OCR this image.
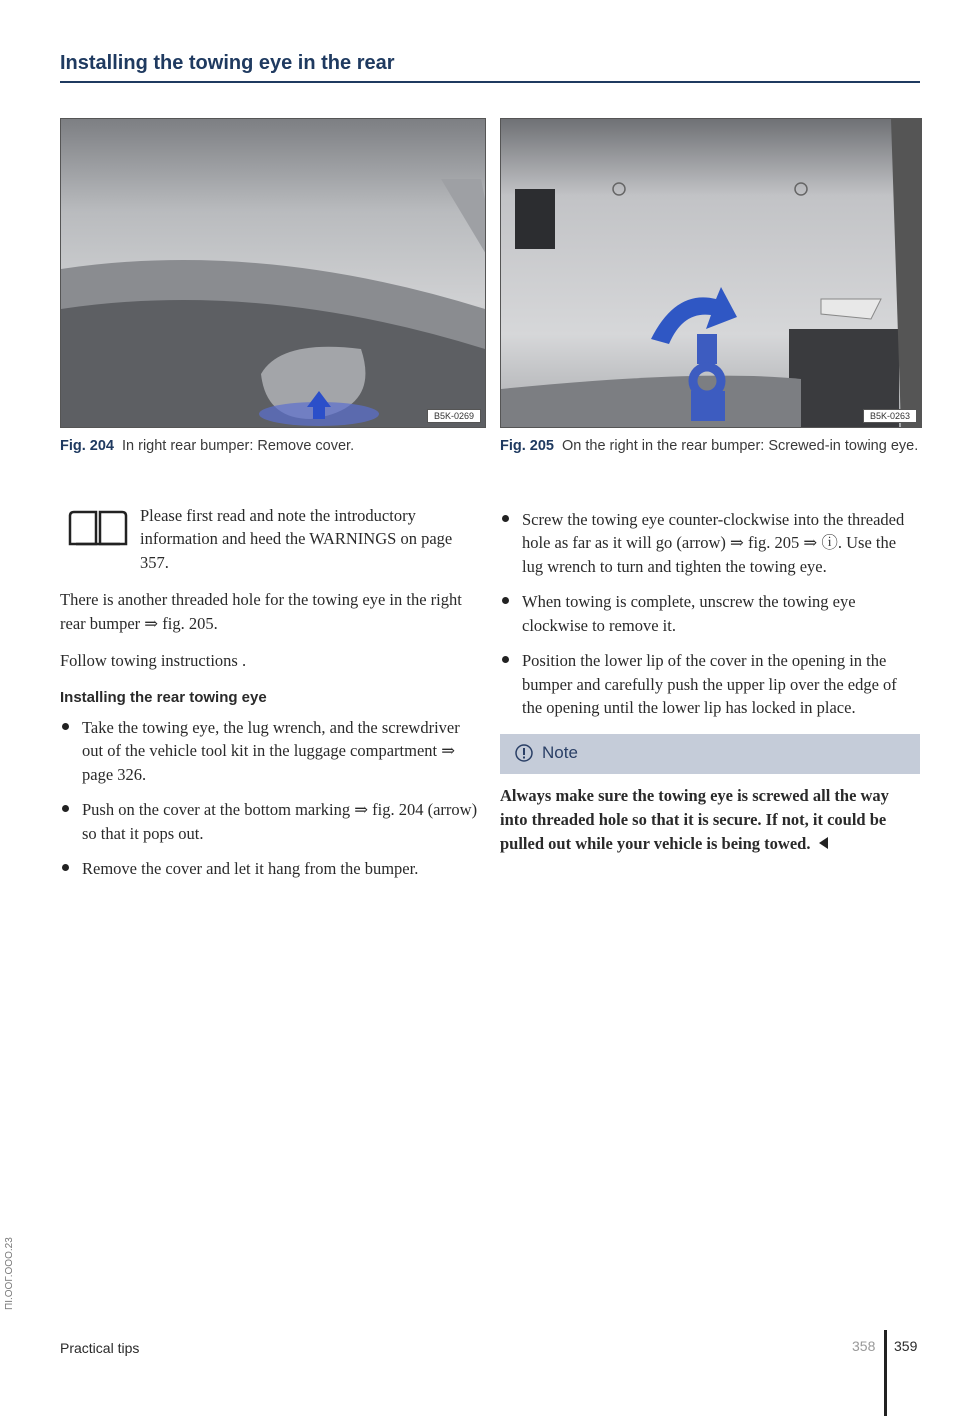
Installing the towing eye in the rear
B5K-0269
Fig. 204 In right rear bumper: Remove cover.
B5K-0263
Fig. 205 On the right in the rear bumper: Screwed-in towing eye.
Please first read and note the introductory information and heed the WARNINGS on page 357.

There is another threaded hole for the towing eye in the right rear bumper ⇒ fig. 205.

Follow towing instructions .

Installing the rear towing eye
Take the towing eye, the lug wrench, and the screwdriver out of the vehicle tool kit in the luggage compartment ⇒ page 326.
Push on the cover at the bottom marking ⇒ fig. 204 (arrow) so that it pops out.
Remove the cover and let it hang from the bumper.
Screw the towing eye counter-clockwise into the threaded hole as far as it will go (arrow) ⇒ fig. 205 ⇒ ⓘ. Use the lug wrench to turn and tighten the towing eye.
When towing is complete, unscrew the towing eye clockwise to remove it.
Position the lower lip of the cover in the opening in the bumper and carefully push the upper lip over the edge of the opening until the lower lip has locked in place.
Note
Always make sure the towing eye is screwed all the way into threaded hole so that it is secure. If not, it could be pulled out while your vehicle is being towed.
Practical tips	358 359
ΠΙ.ΟΟΓ.ΟΟΟ.23
